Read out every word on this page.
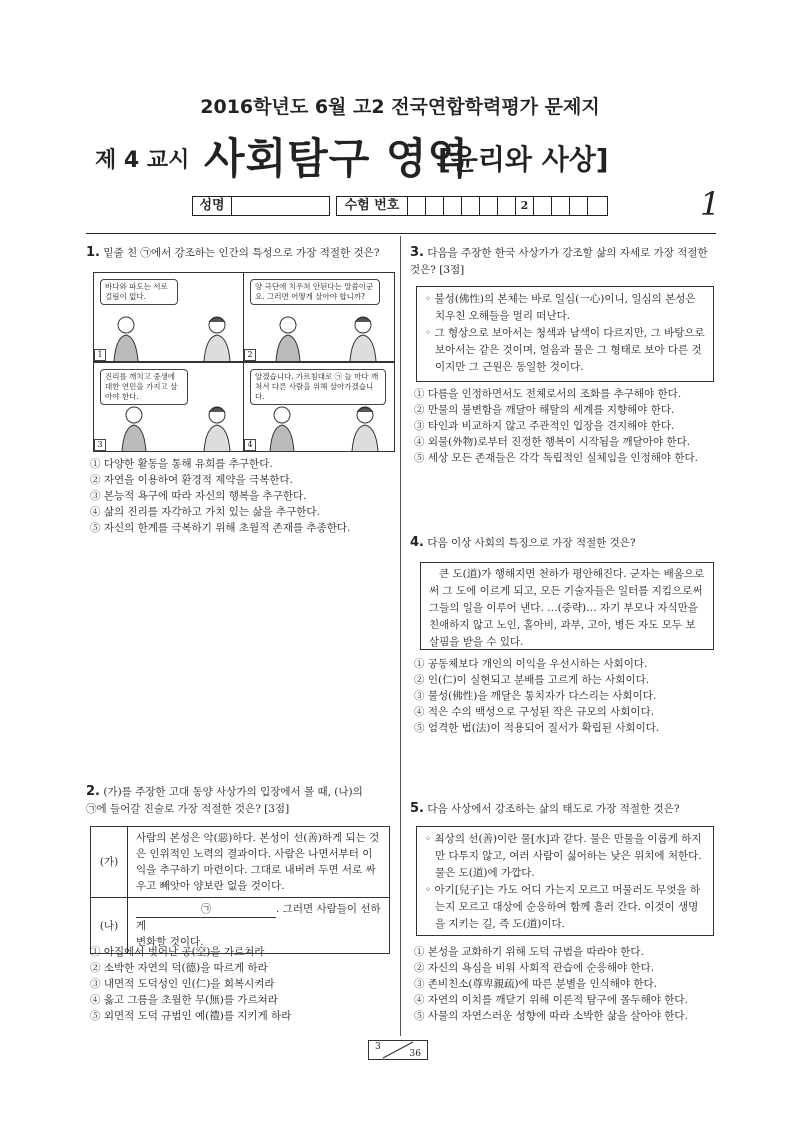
2016학년도 6월 고2 전국연합학력평가 문제지
제 4 교시 사회탐구 영역
[윤리와 사상]
성명	수험 번호	2	1
1. 밑줄 친 ㉠에서 강조하는 인간의 특성으로 가장 적절한 것은?
바다와 파도는 서로 걸림이 없다.
1
양 극단에 치우쳐 안된다는 말씀이군요. 그러면 어떻게 살아야 합니까?
2
진리를 깨치고 중생에 대한 연민을 가지고 살아야 한다.
3
알겠습니다. 가르침대로 ㉠ 늘 마다 깨쳐서 다른 사람을 위해 살아가겠습니다.
4
① 다양한 활동을 통해 유희를 추구한다.
② 자연을 이용하여 환경적 제약을 극복한다.
③ 본능적 욕구에 따라 자신의 행복을 추구한다.
④ 삶의 진리를 자각하고 가치 있는 삶을 추구한다.
⑤ 자신의 한계를 극복하기 위해 초월적 존재를 추종한다.
2. (가)를 주장한 고대 동양 사상가의 입장에서 볼 때, (나)의
㉠에 들어갈 진술로 가장 적절한 것은? [3점]
(가)	사람의 본성은 악(惡)하다. 본성이 선(善)하게 되는 것은 인위적인 노력의 결과이다. 사람은 나면서부터 이익을 추구하기 마련이다. 그대로 내버려 두면 서로 싸우고 빼앗아 양보란 없을 것이다.
(나)	㉠ . 그러면 사람들이 선하게
변화할 것이다.
① 아집에서 벗어난 공(空)을 가르쳐라
② 소박한 자연의 덕(德)을 따르게 하라
③ 내면적 도덕성인 인(仁)을 회복시켜라
④ 옳고 그름을 초월한 무(無)를 가르쳐라
⑤ 외면적 도덕 규범인 예(禮)를 지키게 하라
3. 다음을 주장한 한국 사상가가 강조할 삶의 자세로 가장 적절한 것은? [3점]

◦ 불성(佛性)의 본체는 바로 일심(一心)이니, 일심의 본성은 치우친 오해들을 멀리 떠난다.

◦ 그 형상으로 보아서는 청색과 남색이 다르지만, 그 바탕으로 보아서는 같은 것이며, 얼음과 물은 그 형태로 보아 다른 것이지만 그 근원은 동일한 것이다.

① 다름을 인정하면서도 전체로서의 조화를 추구해야 한다.
② 만물의 불변함을 깨달아 해탈의 세계를 지향해야 한다.
③ 타인과 비교하지 않고 주관적인 입장을 견지해야 한다.
④ 외물(外物)로부터 진정한 행복이 시작됨을 깨달아야 한다.
⑤ 세상 모든 존재들은 각각 독립적인 실체임을 인정해야 한다.
4. 다음 이상 사회의 특징으로 가장 적절한 것은?

큰 도(道)가 행해지면 천하가 평안해진다. 군자는 배움으로써 그 도에 이르게 되고, 모든 기술자들은 일터를 지킴으로써 그들의 일을 이루어 낸다. …(중략)… 자기 부모나 자식만을 친애하지 않고 노인, 홀아비, 과부, 고아, 병든 자도 모두 보살핌을 받을 수 있다.

① 공동체보다 개인의 이익을 우선시하는 사회이다.
② 인(仁)이 실현되고 분배를 고르게 하는 사회이다.
③ 불성(佛性)을 깨달은 통치자가 다스리는 사회이다.
④ 적은 수의 백성으로 구성된 작은 규모의 사회이다.
⑤ 엄격한 법(法)이 적용되어 질서가 확립된 사회이다.
5. 다음 사상에서 강조하는 삶의 태도로 가장 적절한 것은?

◦ 최상의 선(善)이란 물[水]과 같다. 물은 만물을 이롭게 하지만 다투지 않고, 여러 사람이 싫어하는 낮은 위치에 처한다. 물은 도(道)에 가깝다.

◦ 아기[兒子]는 가도 어디 가는지 모르고 머물러도 무엇을 하는지 모르고 대상에 순응하여 함께 흘러 간다. 이것이 생명을 지키는 길, 즉 도(道)이다.

① 본성을 교화하기 위해 도덕 규범을 따라야 한다.
② 자신의 욕심을 비워 사회적 관습에 순응해야 한다.
③ 존비친소(尊卑親疏)에 따른 분별을 인식해야 한다.
④ 자연의 이치를 깨닫기 위해 이론적 탐구에 몰두해야 한다.
⑤ 사물의 자연스러운 성향에 따라 소박한 삶을 살아야 한다.
3
36
